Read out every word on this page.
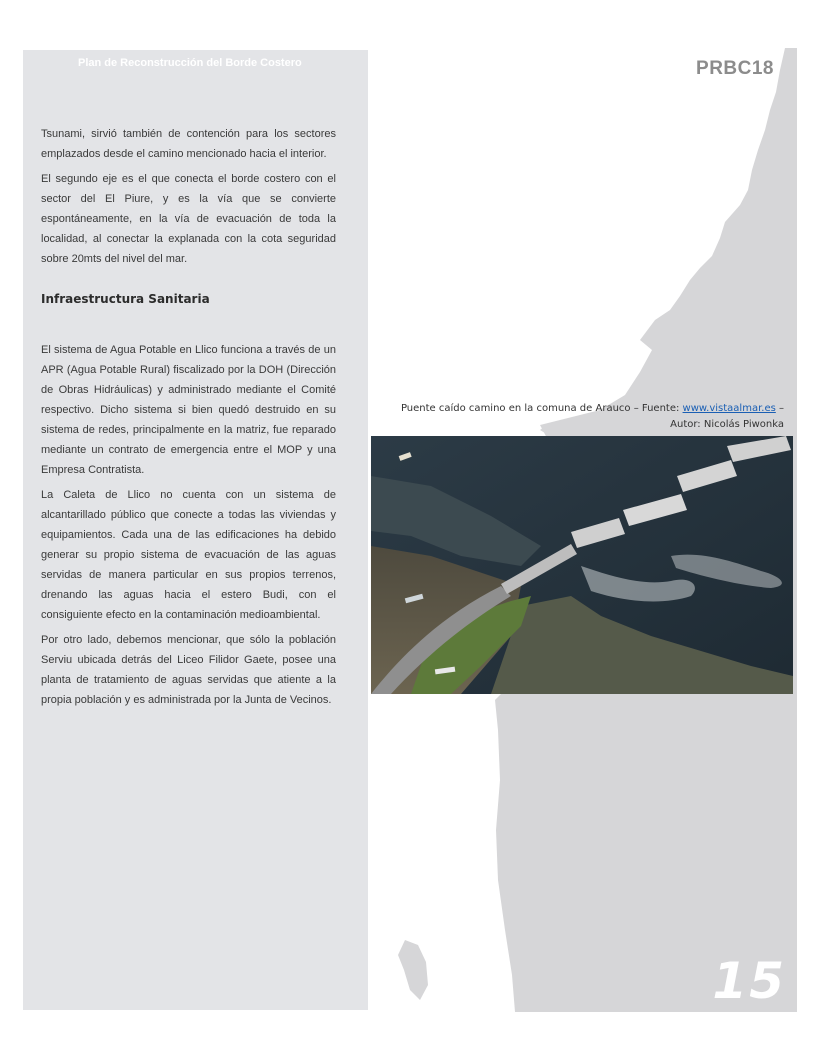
Plan de Reconstrucción del Borde Costero	PRBC18

Tsunami, sirvió también de contención para los sectores emplazados desde el camino mencionado hacia el interior.

El segundo eje es el que conecta el borde costero con el sector del El Piure, y es la vía que se convierte espontáneamente, en la vía de evacuación de toda la localidad, al conectar la explanada con la cota seguridad sobre 20mts del nivel del mar.

Infraestructura Sanitaria

El sistema de Agua Potable en Llico funciona a través de un APR (Agua Potable Rural) fiscalizado por la DOH (Dirección de Obras Hidráulicas) y administrado mediante el Comité respectivo. Dicho sistema si bien quedó destruido en su sistema de redes, principalmente en la matriz, fue reparado mediante un contrato de emergencia entre el MOP y una Empresa Contratista.

La Caleta de Llico no cuenta con un sistema de alcantarillado público que conecte a todas las viviendas y equipamientos. Cada una de las edificaciones ha debido generar su propio sistema de evacuación de las aguas servidas de manera particular en sus propios terrenos, drenando las aguas hacia el estero Budi, con el consiguiente efecto en la contaminación medioambiental.

Por otro lado, debemos mencionar, que sólo la población Serviu ubicada detrás del Liceo Filidor Gaete, posee una planta de tratamiento de aguas servidas que atiente a la propia población y es administrada por la Junta de Vecinos.

Puente caído camino en la comuna de Arauco – Fuente: www.vistaalmar.es –
Autor: Nicolás Piwonka
15
